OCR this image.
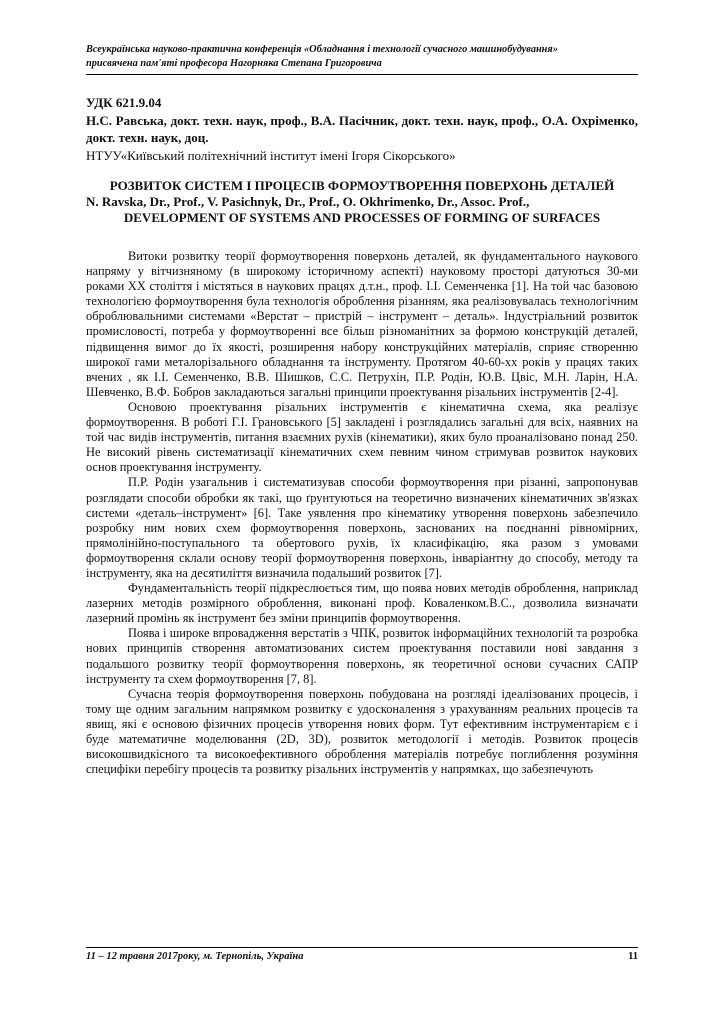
Всеукраїнська науково-практична конференція «Обладнання і технології сучасного машинобудування»
присвячена пам'яті професора Нагорняка Степана Григоровича
УДК 621.9.04
Н.С. Равська, докт. техн. наук, проф., В.А. Пасічник, докт. техн. наук, проф., О.А. Охріменко, докт. техн. наук, доц.
НТУУ«Київський політехнічний інститут імені Ігоря Сікорського»
РОЗВИТОК СИСТЕМ І ПРОЦЕСІВ ФОРМОУТВОРЕННЯ ПОВЕРХОНЬ ДЕТАЛЕЙ
N. Ravska, Dr., Prof., V. Pasichnyk, Dr., Prof., O. Okhrimenko, Dr., Assoc. Prof.,
DEVELOPMENT OF SYSTEMS AND PROCESSES OF FORMING OF SURFACES

Витоки розвитку теорії формоутворення поверхонь деталей, як фундаментального наукового напряму у вітчизняному (в широкому історичному аспекті) науковому просторі датуються 30-ми роками ХХ століття і містяться в наукових працях д.т.н., проф. І.І. Семенченка [1]. На той час базовою технологією формоутворення була технологія оброблення різанням, яка реалізовувалась технологічним оброблювальними системами «Верстат – пристрій – інструмент – деталь». Індустріальний розвиток промисловості, потреба у формоутворенні все більш різноманітних за формою конструкцій деталей, підвищення вимог до їх якості, розширення набору конструкційних матеріалів, сприяє створенню широкої гами металорізального обладнання та інструменту. Протягом 40-60-хх років у працях таких вчених , як І.І. Семенченко, В.В. Шишков, С.С. Петрухін, П.Р. Родін, Ю.В. Цвіс, М.Н. Ларін, Н.А. Шевченко, В.Ф. Бобров закладаються загальні принципи проектування різальних інструментів [2-4].

Основою проектування різальних інструментів є кінематична схема, яка реалізує формоутворення. В роботі Г.І. Грановського [5] закладені і розглядались загальні для всіх, наявних на той час видів інструментів, питання взаємних рухів (кінематики), яких було проаналізовано понад 250. Не високий рівень систематизації кінематичних схем певним чином стримував розвиток наукових основ проектування інструменту.

П.Р. Родін узагальнив і систематизував способи формоутворення при різанні, запропонував розглядати способи обробки як такі, що ґрунтуються на теоретично визначених кінематичних зв'язках системи «деталь–інструмент» [6]. Таке уявлення про кінематику утворення поверхонь забезпечило розробку ним нових схем формоутворення поверхонь, заснованих на поєднанні рівномірних, прямолінійно-поступального та обертового рухів, їх класифікацію, яка разом з умовами формоутворення склали основу теорії формоутворення поверхонь, інваріантну до способу, методу та інструменту, яка на десятиліття визначила подальший розвиток [7].

Фундаментальність теорії підкреслюється тим, що поява нових методів оброблення, наприклад лазерних методів розмірного оброблення, виконані проф. Коваленком.В.С., дозволила визначати лазерний промінь як інструмент без зміни принципів формоутворення.

Поява і широке впровадження верстатів з ЧПК, розвиток інформаційних технологій та розробка нових принципів створення автоматизованих систем проектування поставили нові завдання з подальшого розвитку теорії формоутворення поверхонь, як теоретичної основи сучасних САПР інструменту та схем формоутворення [7, 8].

Сучасна теорія формоутворення поверхонь побудована на розгляді ідеалізованих процесів, і тому ще одним загальним напрямком розвитку є удосконалення з урахуванням реальних процесів та явищ, які є основою фізичних процесів утворення нових форм. Тут ефективним інструментарієм є і буде математичне моделювання (2D, 3D), розвиток методології і методів. Розвиток процесів високошвидкісного та високоефективного оброблення матеріалів потребує поглиблення розуміння специфіки перебігу процесів та розвитку різальних інструментів у напрямках, що забезпечують

11 – 12 травня 2017року, м. Тернопіль, Україна	11
